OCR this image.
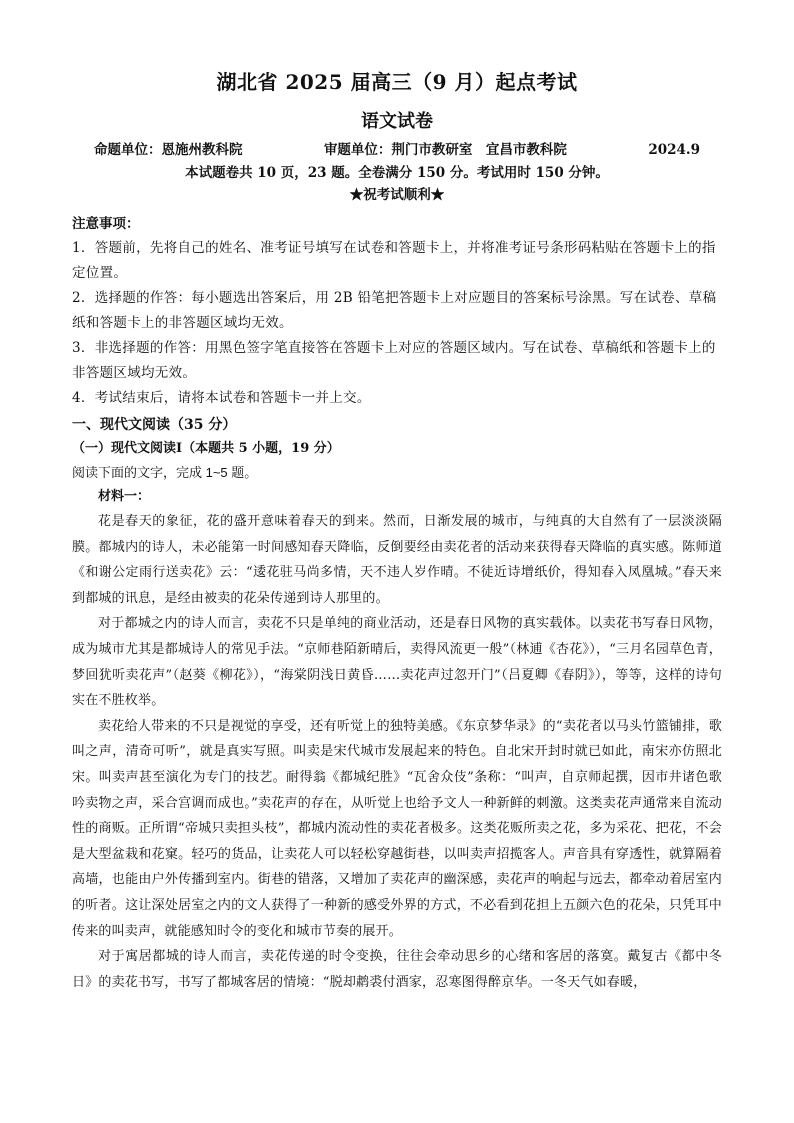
湖北省 2025 届高三（9 月）起点考试
语文试卷
命题单位：恩施州教科院	审题单位：荆门市教研室  宜昌市教科院	2024.9
本试题卷共 10 页，23 题。全卷满分 150 分。考试用时 150 分钟。
★祝考试顺利★
注意事项：

1．答题前，先将自己的姓名、准考证号填写在试卷和答题卡上，并将准考证号条形码粘贴在答题卡上的指定位置。

2．选择题的作答：每小题选出答案后，用 2B 铅笔把答题卡上对应题目的答案标号涂黑。写在试卷、草稿纸和答题卡上的非答题区域均无效。

3．非选择题的作答：用黑色签字笔直接答在答题卡上对应的答题区域内。写在试卷、草稿纸和答题卡上的非答题区域均无效。

4．考试结束后，请将本试卷和答题卡一并上交。

一、现代文阅读（35 分）
（一）现代文阅读Ⅰ（本题共 5 小题，19 分）
阅读下面的文字，完成 1~5 题。
材料一：

花是春天的象征，花的盛开意味着春天的到来。然而，日渐发展的城市，与纯真的大自然有了一层淡淡隔膜。都城内的诗人，未必能第一时间感知春天降临，反倒要经由卖花者的活动来获得春天降临的真实感。陈师道《和谢公定雨行送卖花》云：“逶花驻马尚多情，天不违人岁作晴。不徒近诗增纸价，得知春入凤凰城。”春天来到都城的讯息，是经由被卖的花朵传递到诗人那里的。

对于都城之内的诗人而言，卖花不只是单纯的商业活动，还是春日风物的真实载体。以卖花书写春日风物，成为城市尤其是都城诗人的常见手法。“京师巷陌新晴后，卖得风流更一般”（林逋《杏花》），“三月名园草色青，梦回犹听卖花声”（赵葵《柳花》），“海棠阴浅日黄昏……卖花声过忽开门”（吕夏卿《春阴》），等等，这样的诗句实在不胜枚举。

卖花给人带来的不只是视觉的享受，还有听觉上的独特美感。《东京梦华录》的“卖花者以马头竹篮铺排，歌叫之声，清奇可听”，就是真实写照。叫卖是宋代城市发展起来的特色。自北宋开封时就已如此，南宋亦仿照北宋。叫卖声甚至演化为专门的技艺。耐得翁《都城纪胜》“瓦舍众伎”条称：“叫声，自京师起撰，因市井诸色歌吟卖物之声，采合宫调而成也。”卖花声的存在，从听觉上也给予文人一种新鲜的刺激。这类卖花声通常来自流动性的商贩。正所谓“帝城只卖担头枝”，都城内流动性的卖花者极多。这类花贩所卖之花，多为采花、把花，不会是大型盆栽和花窠。轻巧的货品，让卖花人可以轻松穿越街巷，以叫卖声招揽客人。声音具有穿透性，就算隔着高墙，也能由户外传播到室内。街巷的错落，又增加了卖花声的幽深感，卖花声的响起与远去，都牵动着居室内的听者。这让深处居室之内的文人获得了一种新的感受外界的方式，不必看到花担上五颜六色的花朵，只凭耳中传来的叫卖声，就能感知时令的变化和城市节奏的展开。

对于寓居都城的诗人而言，卖花传递的时令变换，往往会牵动思乡的心绪和客居的落寞。戴复古《都中冬日》的卖花书写，书写了都城客居的情境：“脱却鹔裘付酒家，忍寒图得醉京华。一冬天气如春暖，
